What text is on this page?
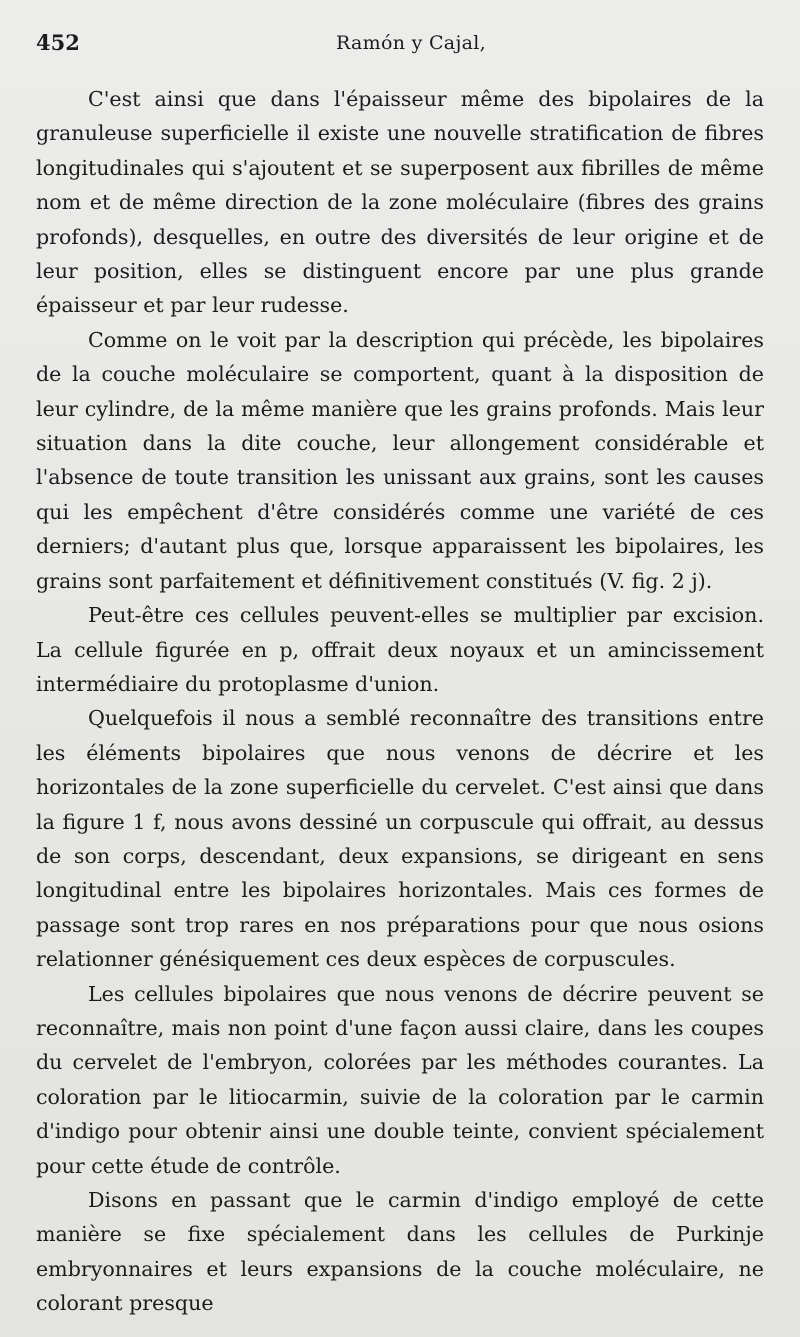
452	Ramón y Cajal,

C'est ainsi que dans l'épaisseur même des bipolaires de la granuleuse superficielle il existe une nouvelle stratification de fibres longitudinales qui s'ajoutent et se superposent aux fibrilles de même nom et de même direction de la zone moléculaire (fibres des grains profonds), desquelles, en outre des diversités de leur origine et de leur position, elles se distinguent encore par une plus grande épaisseur et par leur rudesse.

Comme on le voit par la description qui précède, les bipolaires de la couche moléculaire se comportent, quant à la disposition de leur cylindre, de la même manière que les grains profonds. Mais leur situation dans la dite couche, leur allongement considérable et l'absence de toute transition les unissant aux grains, sont les causes qui les empêchent d'être considérés comme une variété de ces derniers; d'autant plus que, lorsque apparaissent les bipolaires, les grains sont parfaitement et définitivement constitués (V. fig. 2 j).

Peut-être ces cellules peuvent-elles se multiplier par excision. La cellule figurée en p, offrait deux noyaux et un amincissement intermédiaire du protoplasme d'union.

Quelquefois il nous a semblé reconnaître des transitions entre les éléments bipolaires que nous venons de décrire et les horizontales de la zone superficielle du cervelet. C'est ainsi que dans la figure 1 f, nous avons dessiné un corpuscule qui offrait, au dessus de son corps, descendant, deux expansions, se dirigeant en sens longitudinal entre les bipolaires horizontales. Mais ces formes de passage sont trop rares en nos préparations pour que nous osions relationner génésiquement ces deux espèces de corpuscules.

Les cellules bipolaires que nous venons de décrire peuvent se reconnaître, mais non point d'une façon aussi claire, dans les coupes du cervelet de l'embryon, colorées par les méthodes courantes. La coloration par le litiocarmin, suivie de la coloration par le carmin d'indigo pour obtenir ainsi une double teinte, convient spécialement pour cette étude de contrôle.

Disons en passant que le carmin d'indigo employé de cette manière se fixe spécialement dans les cellules de Purkinje embryonnaires et leurs expansions de la couche moléculaire, ne colorant presque
